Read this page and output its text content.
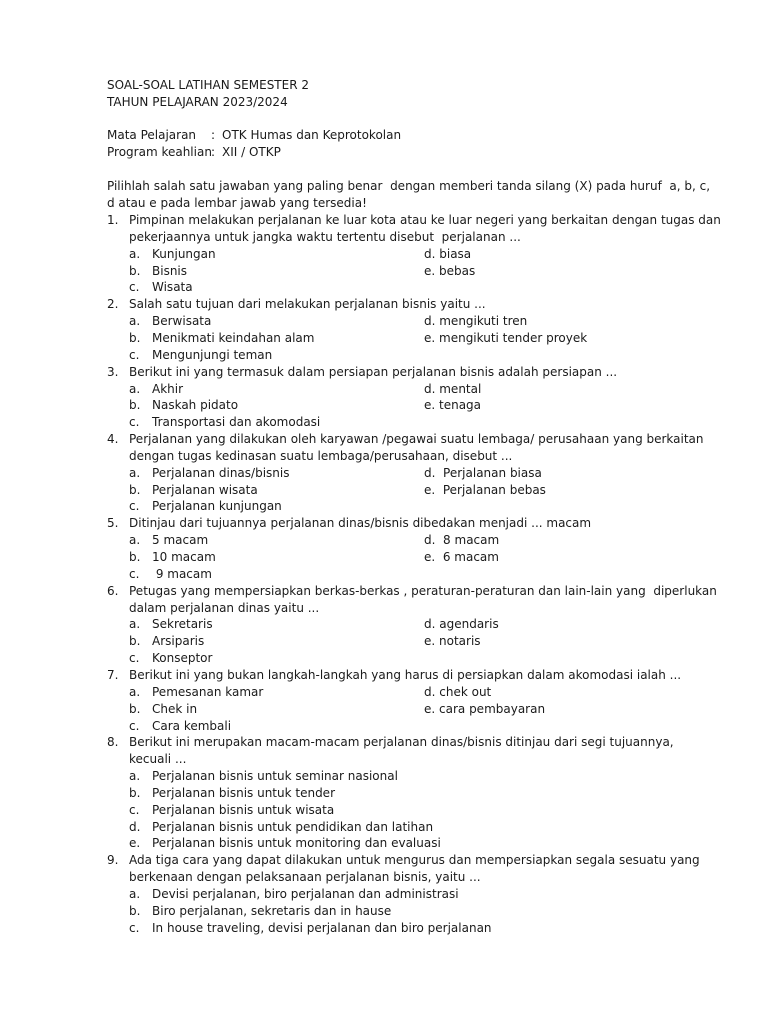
SOAL-SOAL LATIHAN SEMESTER 2
TAHUN PELAJARAN 2023/2024
Mata Pelajaran : OTK Humas dan Keprotokolan
Program keahlian : XII / OTKP
Pilihlah salah satu jawaban yang paling benar  dengan memberi tanda silang (X) pada huruf  a, b, c,
d atau e pada lembar jawab yang tersedia!
1. Pimpinan melakukan perjalanan ke luar kota atau ke luar negeri yang berkaitan dengan tugas dan
pekerjaannya untuk jangka waktu tertentu disebut  perjalanan ...
a. Kunjungan	d. biasa
b. Bisnis	e. bebas
c. Wisata
2. Salah satu tujuan dari melakukan perjalanan bisnis yaitu ...
a. Berwisata	d. mengikuti tren
b. Menikmati keindahan alam	e. mengikuti tender proyek
c. Mengunjungi teman
3. Berikut ini yang termasuk dalam persiapan perjalanan bisnis adalah persiapan ...
a. Akhir	d. mental
b. Naskah pidato	e. tenaga
c. Transportasi dan akomodasi
4. Perjalanan yang dilakukan oleh karyawan /pegawai suatu lembaga/ perusahaan yang berkaitan
dengan tugas kedinasan suatu lembaga/perusahaan, disebut ...
a. Perjalanan dinas/bisnis	d.  Perjalanan biasa
b. Perjalanan wisata	e.  Perjalanan bebas
c. Perjalanan kunjungan
5. Ditinjau dari tujuannya perjalanan dinas/bisnis dibedakan menjadi ... macam
a. 5 macam	d.  8 macam
b. 10 macam	e.  6 macam
c. 9 macam
6. Petugas yang mempersiapkan berkas-berkas , peraturan-peraturan dan lain-lain yang  diperlukan
dalam perjalanan dinas yaitu ...
a. Sekretaris	d. agendaris
b. Arsiparis	e. notaris
c. Konseptor
7. Berikut ini yang bukan langkah-langkah yang harus di persiapkan dalam akomodasi ialah ...
a. Pemesanan kamar	d. chek out
b. Chek in	e. cara pembayaran
c. Cara kembali
8. Berikut ini merupakan macam-macam perjalanan dinas/bisnis ditinjau dari segi tujuannya,
kecuali ...
a. Perjalanan bisnis untuk seminar nasional
b. Perjalanan bisnis untuk tender
c. Perjalanan bisnis untuk wisata
d. Perjalanan bisnis untuk pendidikan dan latihan
e. Perjalanan bisnis untuk monitoring dan evaluasi
9. Ada tiga cara yang dapat dilakukan untuk mengurus dan mempersiapkan segala sesuatu yang
berkenaan dengan pelaksanaan perjalanan bisnis, yaitu ...
a. Devisi perjalanan, biro perjalanan dan administrasi
b. Biro perjalanan, sekretaris dan in hause
c. In house traveling, devisi perjalanan dan biro perjalanan
